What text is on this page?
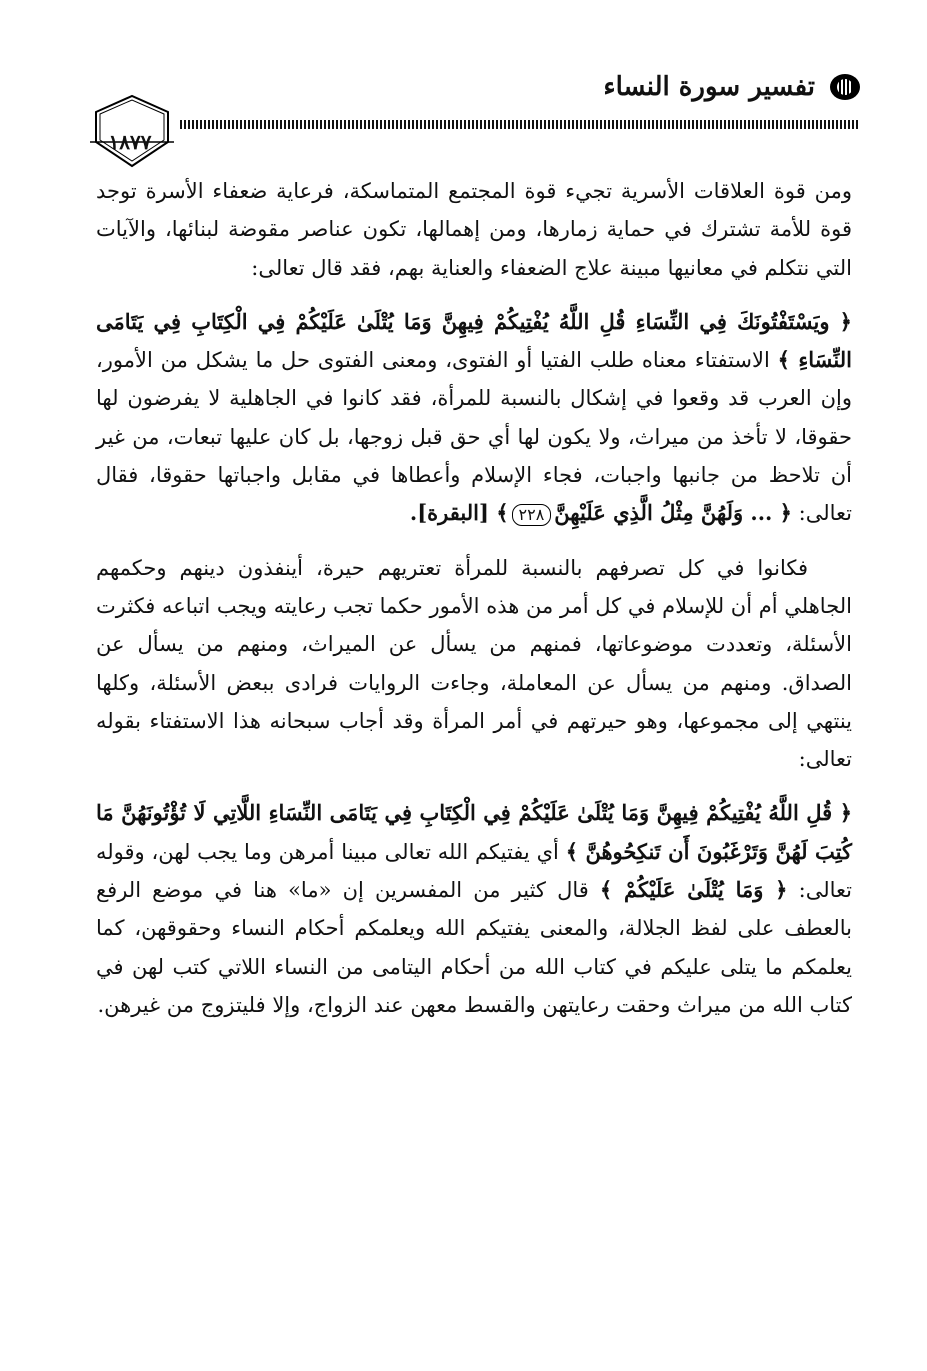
١٨٧٧
تفسير سورة النساء

ومن قوة العلاقات الأسرية تجيء قوة المجتمع المتماسكة، فرعاية ضعفاء الأسرة توجد قوة للأمة تشترك في حماية زمارها، ومن إهمالها، تكون عناصر مقوضة لبنائها، والآيات التي نتكلم في معانيها مبينة علاج الضعفاء والعناية بهم، فقد قال تعالى:

﴿ ويَسْتَفْتُونَكَ فِي النِّسَاءِ قُلِ اللَّهُ يُفْتِيكُمْ فِيهِنَّ وَمَا يُتْلَىٰ عَلَيْكُمْ فِي الْكِتَابِ فِي يَتَامَى النِّسَاءِ ﴾ الاستفتاء معناه طلب الفتيا أو الفتوى، ومعنى الفتوى حل ما يشكل من الأمور، وإن العرب قد وقعوا في إشكال بالنسبة للمرأة، فقد كانوا في الجاهلية لا يفرضون لها حقوقا، لا تأخذ من ميراث، ولا يكون لها أي حق قبل زوجها، بل كان عليها تبعات، من غير أن تلاحظ من جانبها واجبات، فجاء الإسلام وأعطاها في مقابل واجباتها حقوقا، فقال تعالى: ﴿ ... وَلَهُنَّ مِثْلُ الَّذِي عَلَيْهِنَّ٢٢٨﴾ [البقرة].

فكانوا في كل تصرفهم بالنسبة للمرأة تعتريهم حيرة، أينفذون دينهم وحكمهم الجاهلي أم أن للإسلام في كل أمر من هذه الأمور حكما تجب رعايته ويجب اتباعه فكثرت الأسئلة، وتعددت موضوعاتها، فمنهم من يسأل عن الميراث، ومنهم من يسأل عن الصداق. ومنهم من يسأل عن المعاملة، وجاءت الروايات فرادى ببعض الأسئلة، وكلها ينتهي إلى مجموعها، وهو حيرتهم في أمر المرأة وقد أجاب سبحانه هذا الاستفتاء بقوله تعالى:

﴿ قُلِ اللَّهُ يُفْتِيكُمْ فِيهِنَّ وَمَا يُتْلَىٰ عَلَيْكُمْ فِي الْكِتَابِ فِي يَتَامَى النِّسَاءِ اللَّاتِي لَا تُؤْتُونَهُنَّ مَا كُتِبَ لَهُنَّ وَتَرْغَبُونَ أَن تَنكِحُوهُنَّ ﴾ أي يفتيكم الله تعالى مبينا أمرهن وما يجب لهن، وقوله تعالى: ﴿ وَمَا يُتْلَىٰ عَلَيْكُمْ ﴾ قال كثير من المفسرين إن «ما» هنا في موضع الرفع بالعطف على لفظ الجلالة، والمعنى يفتيكم الله ويعلمكم أحكام النساء وحقوقهن، كما يعلمكم ما يتلى عليكم في كتاب الله من أحكام اليتامى من النساء اللاتي كتب لهن في كتاب الله من ميراث وحقت رعايتهن والقسط معهن عند الزواج، وإلا فليتزوج من غيرهن.
